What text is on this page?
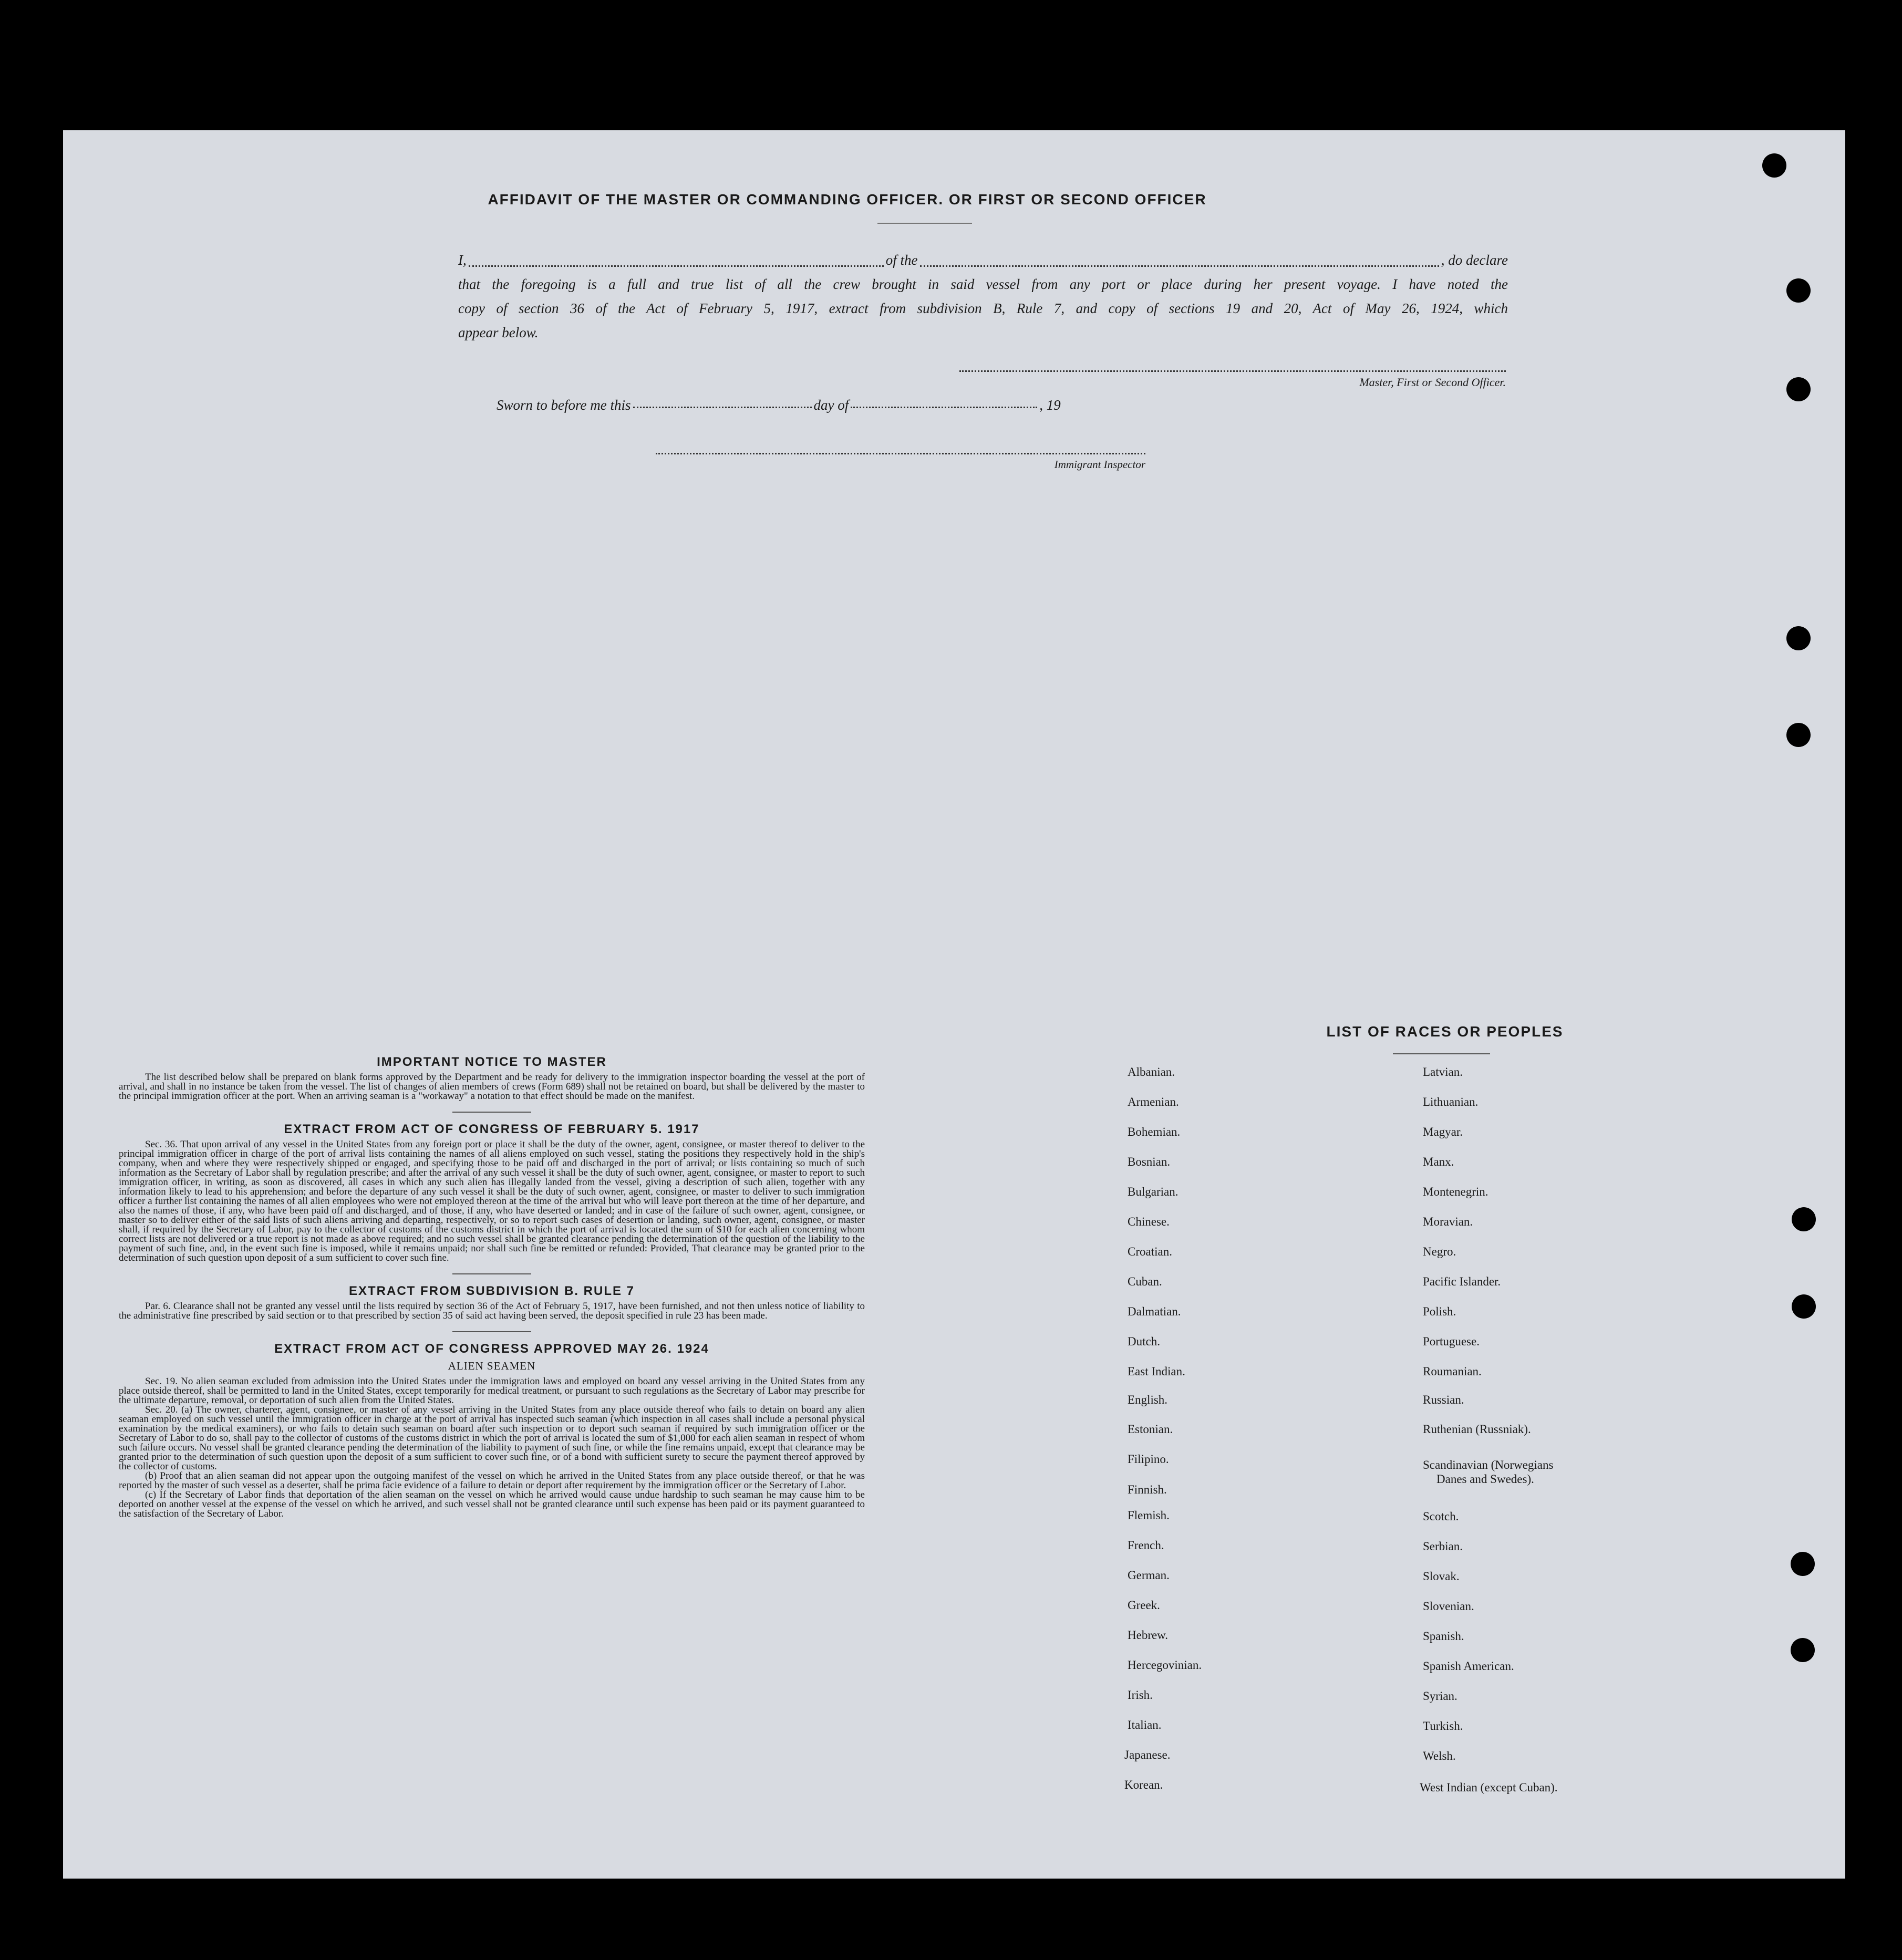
AFFIDAVIT OF THE MASTER OR COMMANDING OFFICER. OR FIRST OR SECOND OFFICER
I,	of the	, do declare
that the foregoing is a full and true list of all the crew brought in said vessel from any port or place during her present voyage. I have noted the
copy of section 36 of the Act of February 5, 1917, extract from subdivision B, Rule 7, and copy of sections 19 and 20, Act of May 26, 1924, which
appear below.
Master, First or Second Officer.
Sworn to before me this	day of	, 19
Immigrant Inspector
IMPORTANT NOTICE TO MASTER

The list described below shall be prepared on blank forms approved by the Department and be ready for delivery to the immigration inspector boarding the vessel at the port of arrival, and shall in no instance be taken from the vessel. The list of changes of alien members of crews (Form 689) shall not be retained on board, but shall be delivered by the master to the principal immigration officer at the port. When an arriving seaman is a "workaway" a notation to that effect should be made on the manifest.

EXTRACT FROM ACT OF CONGRESS OF FEBRUARY 5. 1917

Sec. 36. That upon arrival of any vessel in the United States from any foreign port or place it shall be the duty of the owner, agent, consignee, or master thereof to deliver to the principal immigration officer in charge of the port of arrival lists containing the names of all aliens employed on such vessel, stating the positions they respectively hold in the ship's company, when and where they were respectively shipped or engaged, and specifying those to be paid off and discharged in the port of arrival; or lists containing so much of such information as the Secretary of Labor shall by regulation prescribe; and after the arrival of any such vessel it shall be the duty of such owner, agent, consignee, or master to report to such immigration officer, in writing, as soon as discovered, all cases in which any such alien has illegally landed from the vessel, giving a description of such alien, together with any information likely to lead to his apprehension; and before the departure of any such vessel it shall be the duty of such owner, agent, consignee, or master to deliver to such immigration officer a further list containing the names of all alien employees who were not employed thereon at the time of the arrival but who will leave port thereon at the time of her departure, and also the names of those, if any, who have been paid off and discharged, and of those, if any, who have deserted or landed; and in case of the failure of such owner, agent, consignee, or master so to deliver either of the said lists of such aliens arriving and departing, respectively, or so to report such cases of desertion or landing, such owner, agent, consignee, or master shall, if required by the Secretary of Labor, pay to the collector of customs of the customs district in which the port of arrival is located the sum of $10 for each alien concerning whom correct lists are not delivered or a true report is not made as above required; and no such vessel shall be granted clearance pending the determination of the question of the liability to the payment of such fine, and, in the event such fine is imposed, while it remains unpaid; nor shall such fine be remitted or refunded: Provided, That clearance may be granted prior to the determination of such question upon deposit of a sum sufficient to cover such fine.

EXTRACT FROM SUBDIVISION B. RULE 7

Par. 6. Clearance shall not be granted any vessel until the lists required by section 36 of the Act of February 5, 1917, have been furnished, and not then unless notice of liability to the administrative fine prescribed by said section or to that prescribed by section 35 of said act having been served, the deposit specified in rule 23 has been made.

EXTRACT FROM ACT OF CONGRESS APPROVED MAY 26. 1924
ALIEN SEAMEN

Sec. 19. No alien seaman excluded from admission into the United States under the immigration laws and employed on board any vessel arriving in the United States from any place outside thereof, shall be permitted to land in the United States, except temporarily for medical treatment, or pursuant to such regulations as the Secretary of Labor may prescribe for the ultimate departure, removal, or deportation of such alien from the United States.

Sec. 20. (a) The owner, charterer, agent, consignee, or master of any vessel arriving in the United States from any place outside thereof who fails to detain on board any alien seaman employed on such vessel until the immigration officer in charge at the port of arrival has inspected such seaman (which inspection in all cases shall include a personal physical examination by the medical examiners), or who fails to detain such seaman on board after such inspection or to deport such seaman if required by such immigration officer or the Secretary of Labor to do so, shall pay to the collector of customs of the customs district in which the port of arrival is located the sum of $1,000 for each alien seaman in respect of whom such failure occurs. No vessel shall be granted clearance pending the determination of the liability to payment of such fine, or while the fine remains unpaid, except that clearance may be granted prior to the determination of such question upon the deposit of a sum sufficient to cover such fine, or of a bond with sufficient surety to secure the payment thereof approved by the collector of customs.

(b) Proof that an alien seaman did not appear upon the outgoing manifest of the vessel on which he arrived in the United States from any place outside thereof, or that he was reported by the master of such vessel as a deserter, shall be prima facie evidence of a failure to detain or deport after requirement by the immigration officer or the Secretary of Labor.

(c) If the Secretary of Labor finds that deportation of the alien seaman on the vessel on which he arrived would cause undue hardship to such seaman he may cause him to be deported on another vessel at the expense of the vessel on which he arrived, and such vessel shall not be granted clearance until such expense has been paid or its payment guaranteed to the satisfaction of the Secretary of Labor.

LIST OF RACES OR PEOPLES
Albanian.
Armenian.
Bohemian.
Bosnian.
Bulgarian.
Chinese.
Croatian.
Cuban.
Dalmatian.
Dutch.
East Indian.
English.
Estonian.
Filipino.
Finnish.
Flemish.
French.
German.
Greek.
Hebrew.
Hercegovinian.
Irish.
Italian.
Japanese.
Korean.
Latvian.
Lithuanian.
Magyar.
Manx.
Montenegrin.
Moravian.
Negro.
Pacific Islander.
Polish.
Portuguese.
Roumanian.
Russian.
Ruthenian (Russniak).
Scandinavian (Norwegians
Danes and Swedes).
Scotch.
Serbian.
Slovak.
Slovenian.
Spanish.
Spanish American.
Syrian.
Turkish.
Welsh.
West Indian (except Cuban).
